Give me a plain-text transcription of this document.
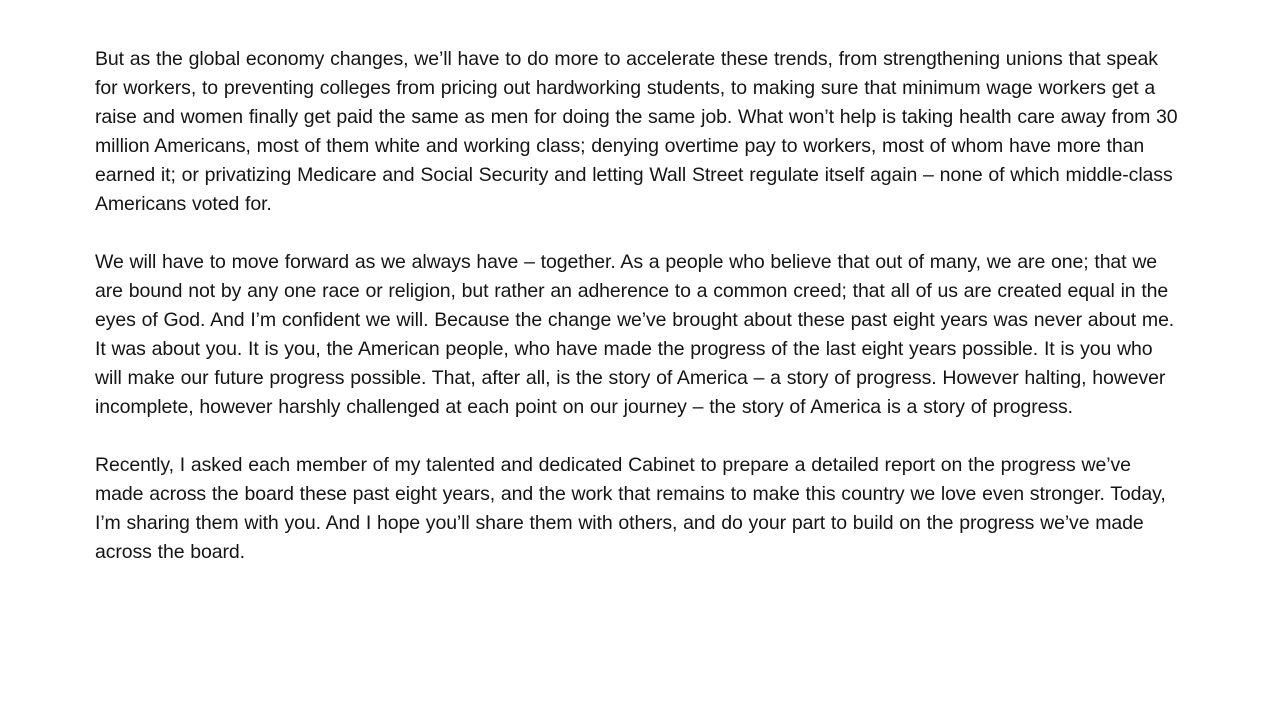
But as the global economy changes, we’ll have to do more to accelerate these trends, from strengthening unions that speak for workers, to preventing colleges from pricing out hardworking students, to making sure that minimum wage workers get a raise and women finally get paid the same as men for doing the same job. What won’t help is taking health care away from 30 million Americans, most of them white and working class; denying overtime pay to workers, most of whom have more than earned it; or privatizing Medicare and Social Security and letting Wall Street regulate itself again – none of which middle-class Americans voted for.

We will have to move forward as we always have – together. As a people who believe that out of many, we are one; that we are bound not by any one race or religion, but rather an adherence to a common creed; that all of us are created equal in the eyes of God. And I’m confident we will. Because the change we’ve brought about these past eight years was never about me. It was about you. It is you, the American people, who have made the progress of the last eight years possible. It is you who will make our future progress possible. That, after all, is the story of America – a story of progress. However halting, however incomplete, however harshly challenged at each point on our journey – the story of America is a story of progress.

Recently, I asked each member of my talented and dedicated Cabinet to prepare a detailed report on the progress we’ve made across the board these past eight years, and the work that remains to make this country we love even stronger. Today, I’m sharing them with you. And I hope you’ll share them with others, and do your part to build on the progress we’ve made across the board.
